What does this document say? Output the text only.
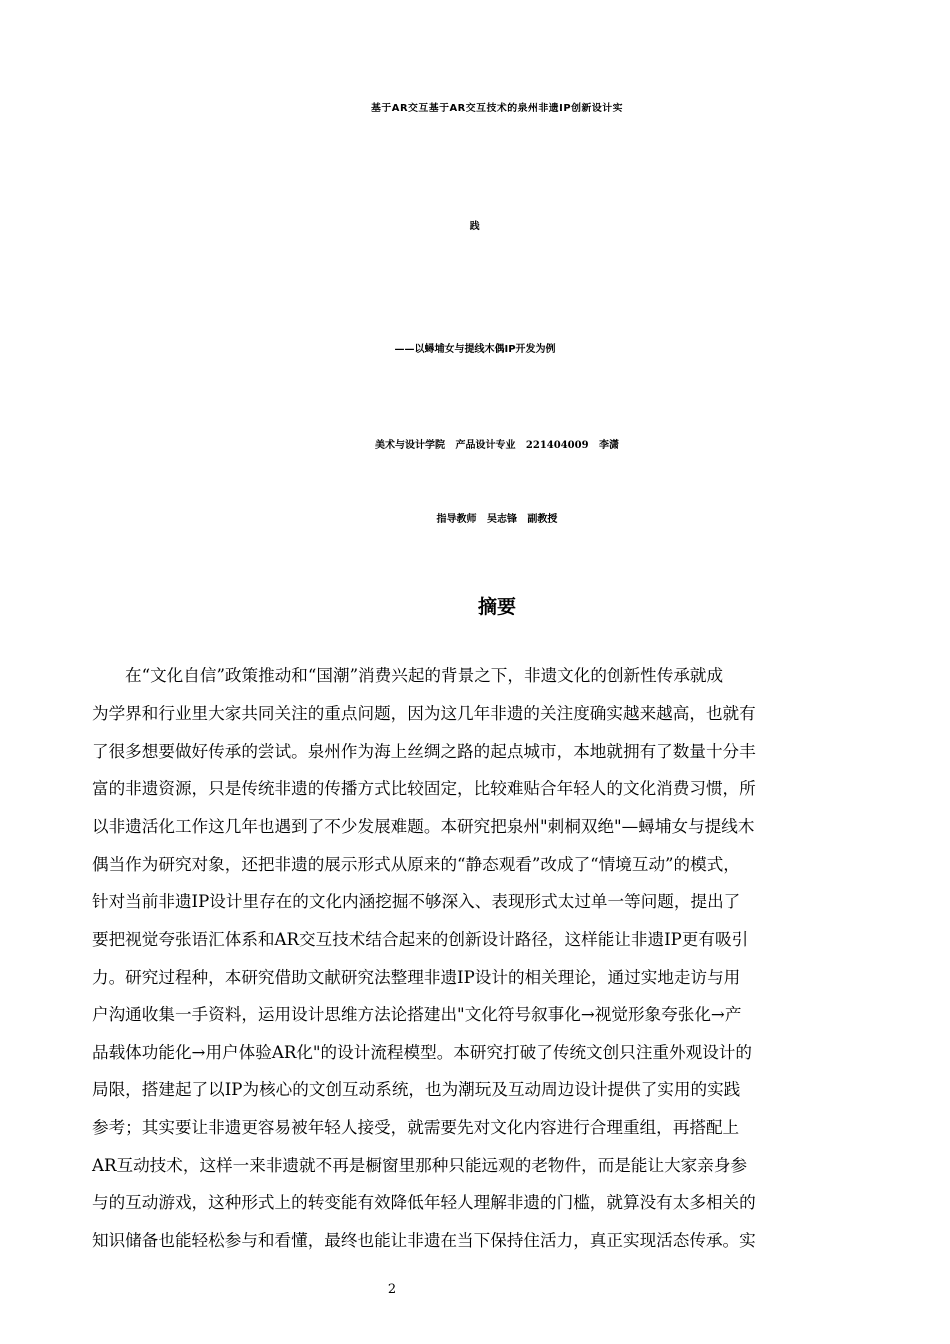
基于AR交互基于AR交互技术的泉州非遗IP创新设计实
践
——以蟳埔女与提线木偶IP开发为例
美术与设计学院   产品设计专业   221404009   李潇
指导教师   吴志锋   副教授
摘要
在“文化自信”政策推动和“国潮”消费兴起的背景之下，非遗文化的创新性传承就成
为学界和行业里大家共同关注的重点问题，因为这几年非遗的关注度确实越来越高，也就有
了很多想要做好传承的尝试。泉州作为海上丝绸之路的起点城市，本地就拥有了数量十分丰
富的非遗资源，只是传统非遗的传播方式比较固定，比较难贴合年轻人的文化消费习惯，所
以非遗活化工作这几年也遇到了不少发展难题。本研究把泉州"刺桐双绝"—蟳埔女与提线木
偶当作为研究对象，还把非遗的展示形式从原来的“静态观看”改成了“情境互动”的模式，
针对当前非遗IP设计里存在的文化内涵挖掘不够深入、表现形式太过单一等问题，提出了
要把视觉夸张语汇体系和AR交互技术结合起来的创新设计路径，这样能让非遗IP更有吸引
力。研究过程种，本研究借助文献研究法整理非遗IP设计的相关理论，通过实地走访与用
户沟通收集一手资料，运用设计思维方法论搭建出"文化符号叙事化→视觉形象夸张化→产
品载体功能化→用户体验AR化"的设计流程模型。本研究打破了传统文创只注重外观设计的
局限，搭建起了以IP为核心的文创互动系统，也为潮玩及互动周边设计提供了实用的实践
参考；其实要让非遗更容易被年轻人接受，就需要先对文化内容进行合理重组，再搭配上
AR互动技术，这样一来非遗就不再是橱窗里那种只能远观的老物件，而是能让大家亲身参
与的互动游戏，这种形式上的转变能有效降低年轻人理解非遗的门槛，就算没有太多相关的
知识储备也能轻松参与和看懂，最终也能让非遗在当下保持住活力，真正实现活态传承。实
2
